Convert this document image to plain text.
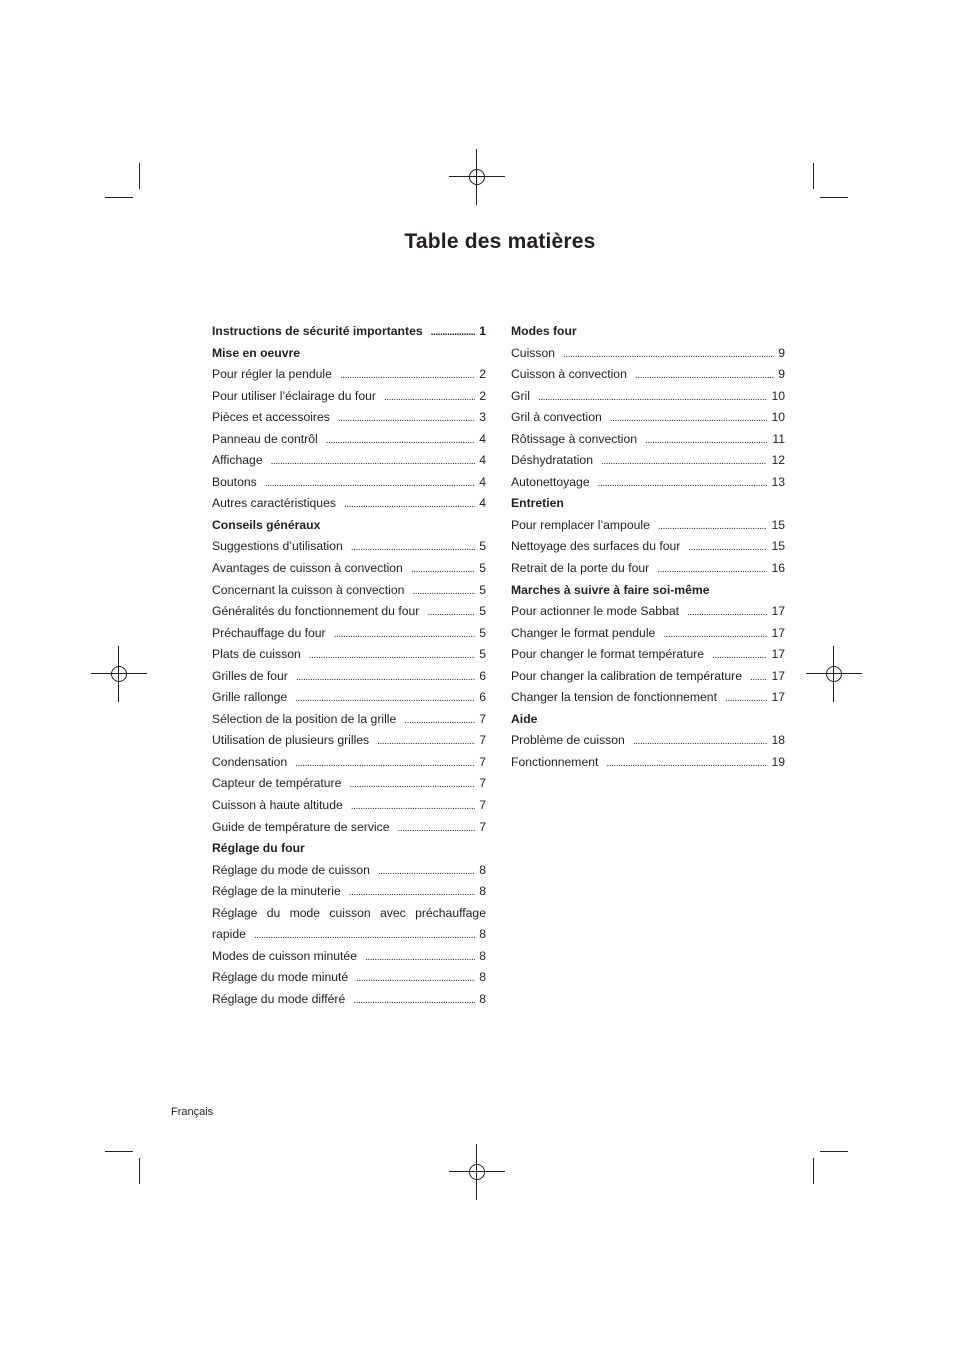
Table des matières
Instructions de sécurité importantes . . .	1
Mise en oeuvre
Pour régler la pendule . . .	2
Pour utiliser l’éclairage du four . . .	2
Pièces et accessoires . . .	3
Panneau de contrôl . . .	4
Affichage . . .	4
Boutons . . .	4
Autres caractéristiques . . .	4
Conseils généraux
Suggestions d’utilisation . . .	5
Avantages de cuisson à convection . . .	5
Concernant la cuisson à convection . . .	5
Généralités du fonctionnement du four . . .	5
Préchauffage du four . . .	5
Plats de cuisson . . .	5
Grilles de four . . .	6
Grille rallonge . . .	6
Sélection de la position de la grille . . .	7
Utilisation de plusieurs grilles . . .	7
Condensation . . .	7
Capteur de température . . .	7
Cuisson à haute altitude . . .	7
Guide de température de service . . .	7
Réglage du four
Réglage du mode de cuisson . . .	8
Réglage de la minuterie . . .	8
Réglage du mode cuisson avec préchauffage
rapide . . .	8
Modes de cuisson minutée . . .	8
Réglage du mode minuté . . .	8
Réglage du mode différé . . .	8
Modes four
Cuisson . . .	9
Cuisson à convection . . .	9
Gril . . .	10
Gril à convection . . .	10
Rôtissage à convection . . .	11
Déshydratation . . .	12
Autonettoyage . . .	13
Entretien
Pour remplacer l’ampoule . . .	15
Nettoyage des surfaces du four . . .	15
Retrait de la porte du four . . .	16
Marches à suivre à faire soi-même
Pour actionner le mode Sabbat . . .	17
Changer le format pendule . . .	17
Pour changer le format température . . .	17
Pour changer la calibration de température . . . 17
Changer la tension de fonctionnement . . .	17
Aide
Problème de cuisson . . .	18
Fonctionnement . . .	19
Français
